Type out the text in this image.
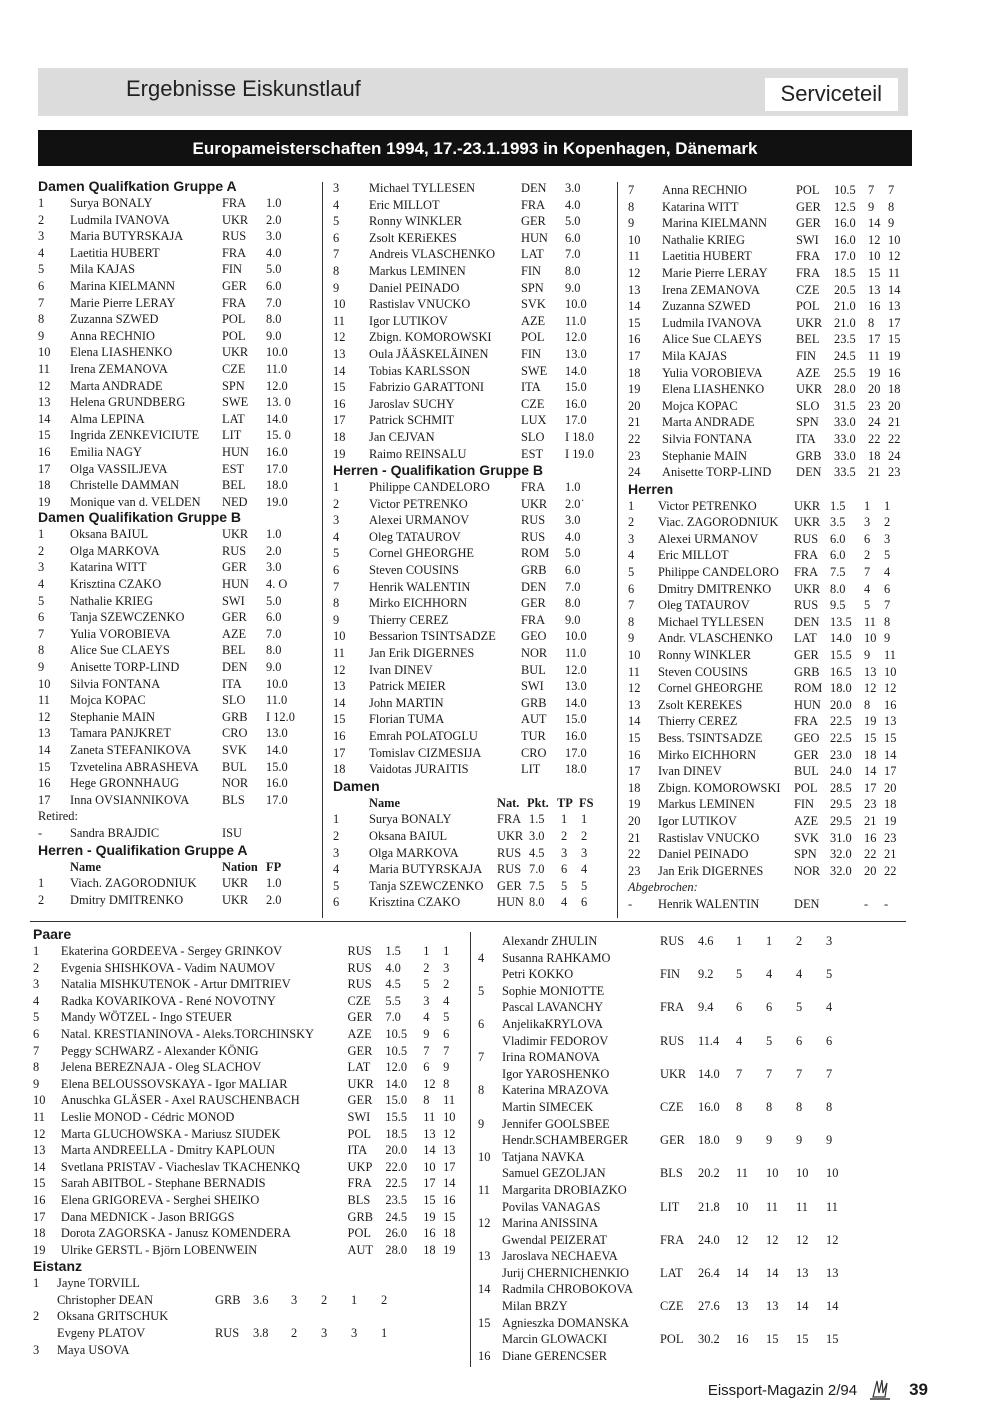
Ergebnisse Eiskunstlauf	Serviceteil
Europameisterschaften 1994, 17.-23.1.1993 in Kopenhagen, Dänemark
Damen Qualifkation Gruppe A
1	Surya BONALY	FRA	1.0
2	Ludmila IVANOVA	UKR	2.0
3	Maria BUTYRSKAJA	RUS	3.0
4	Laetitia HUBERT	FRA	4.0
5	Mila KAJAS	FIN	5.0
6	Marina KIELMANN	GER	6.0
7	Marie Pierre LERAY	FRA	7.0
8	Zuzanna SZWED	POL	8.0
9	Anna RECHNIO	POL	9.0
10	Elena LIASHENKO	UKR	10.0
11	Irena ZEMANOVA	CZE	11.0
12	Marta ANDRADE	SPN	12.0
13	Helena GRUNDBERG	SWE	13. 0
14	Alma LEPINA	LAT	14.0
15	Ingrida ZENKEVICIUTE	LIT	15. 0
16	Emilia NAGY	HUN	16.0
17	Olga VASSILJEVA	EST	17.0
18	Christelle DAMMAN	BEL	18.0
19	Monique van d. VELDEN	NED	19.0
Damen Qualifikation Gruppe B
1	Oksana BAIUL	UKR	1.0
2	Olga MARKOVA	RUS	2.0
3	Katarina WITT	GER	3.0
4	Krisztina CZAKO	HUN	4. O
5	Nathalie KRIEG	SWI	5.0
6	Tanja SZEWCZENKO	GER	6.0
7	Yulia VOROBIEVA	AZE	7.0
8	Alice Sue CLAEYS	BEL	8.0
9	Anisette TORP-LIND	DEN	9.0
10	Silvia FONTANA	ITA	10.0
11	Mojca KOPAC	SLO	11.0
12	Stephanie MAIN	GRB	I 12.0
13	Tamara PANJKRET	CRO	13.0
14	Zaneta STEFANIKOVA	SVK	14.0
15	Tzvetelina ABRASHEVA	BUL	15.0
16	Hege GRONNHAUG	NOR	16.0
17	Inna OVSIANNIKOVA	BLS	17.0
Retired:
-	Sandra BRAJDIC	ISU
Herren - Qualifikation Gruppe A
Name	Nation FP
1	Viach. ZAGORODNIUK	UKR	1.0
2	Dmitry DMITRENKO	UKR	2.0
3	Michael TYLLESEN	DEN	3.0
4	Eric MILLOT	FRA	4.0
5	Ronny WINKLER	GER	5.0
6	Zsolt KERiEKES	HUN	6.0
7	Andreis VLASCHENKO	LAT	7.0
8	Markus LEMINEN	FIN	8.0
9	Daniel PEINADO	SPN	9.0
10	Rastislav VNUCKO	SVK	10.0
11	Igor LUTIKOV	AZE	11.0
12	Zbign. KOMOROWSKI	POL	12.0
13	Oula JÄÄSKELÄINEN	FIN	13.0
14	Tobias KARLSSON	SWE	14.0
15	Fabrizio GARATTONI	ITA	15.0
16	Jaroslav SUCHY	CZE	16.0
17	Patrick SCHMIT	LUX	17.0
18	Jan CEJVAN	SLO	I 18.0
19	Raimo REINSALU	EST	I 19.0
Herren - Qualifikation Gruppe B
1	Philippe CANDELORO	FRA	1.0
2	Victor PETRENKO	UKR	2.0˙
3	Alexei URMANOV	RUS	3.0
4	Oleg TATAUROV	RUS	4.0
5	Cornel GHEORGHE	ROM	5.0
6	Steven COUSINS	GRB	6.0
7	Henrik WALENTIN	DEN	7.0
8	Mirko EICHHORN	GER	8.0
9	Thierry CEREZ	FRA	9.0
10	Bessarion TSINTSADZE	GEO	10.0
11	Jan Erik DIGERNES	NOR	11.0
12	Ivan DINEV	BUL	12.0
13	Patrick MEIER	SWI	13.0
14	John MARTIN	GRB	14.0
15	Florian TUMA	AUT	15.0
16	Emrah POLATOGLU	TUR	16.0
17	Tomislav CIZMESIJA	CRO	17.0
18	Vaidotas JURAITIS	LIT	18.0
Damen
Name	Nat. Pkt. TP FS
1	Surya BONALY	FRA 1.5	1	1
2	Oksana BAIUL	UKR 3.0	2	2
3	Olga MARKOVA	RUS 4.5	3	3
4	Maria BUTYRSKAJA	RUS 7.0	6	4
5	Tanja SZEWCZENKO	GER 7.5	5	5
6	Krisztina CZAKO	HUN 8.0	4	6
7	Anna RECHNIO	POL	10.5 7	7
8	Katarina WITT	GER	12.5 9	8
9	Marina KIELMANN	GER	16.0 14 9
10	Nathalie KRIEG	SWI	16.0 12 10
11	Laetitia HUBERT	FRA	17.0 10 12
12	Marie Pierre LERAY	FRA	18.5 15 11
13	Irena ZEMANOVA	CZE	20.5 13 14
14	Zuzanna SZWED	POL	21.0 16 13
15	Ludmila IVANOVA	UKR 21.0 8	17
16	Alice Sue CLAEYS	BEL	23.5 17 15
17	Mila KAJAS	FIN	24.5 11 19
18	Yulia VOROBIEVA	AZE	25.5 19 16
19	Elena LIASHENKO	UKR 28.0 20 18
20	Mojca KOPAC	SLO	31.5 23 20
21	Marta ANDRADE	SPN	33.0 24 21
22	Silvia FONTANA	ITA	33.0 22 22
23	Stephanie MAIN	GRB	33.0 18 24
24	Anisette TORP-LIND	DEN	33.5 21 23
Herren
1	Victor PETRENKO	UKR 1.5	1	1
2	Viac. ZAGORODNIUK	UKR 3.5	3	2
3	Alexei URMANOV	RUS 6.0	6	3
4	Eric MILLOT	FRA 6.0	2	5
5	Philippe CANDELORO	FRA 7.5	7	4
6	Dmitry DMITRENKO	UKR 8.0	4	6
7	Oleg TATAUROV	RUS 9.5	5	7
8	Michael TYLLESEN	DEN 13.5 11 8
9	Andr. VLASCHENKO	LAT	14.0 10 9
10	Ronny WINKLER	GER 15.5 9	11
11	Steven COUSINS	GRB 16.5 13 10
12	Cornel GHEORGHE	ROM 18.0 12 12
13	Zsolt KEREKES	HUN 20.0 8	16
14	Thierry CEREZ	FRA 22.5 19 13
15	Bess. TSINTSADZE	GEO 22.5 15 15
16	Mirko EICHHORN	GER 23.0 18 14
17	Ivan DINEV	BUL 24.0 14 17
18	Zbign. KOMOROWSKI	POL	28.5 17 20
19	Markus LEMINEN	FIN	29.5 23 18
20	Igor LUTIKOV	AZE 29.5 21 19
21	Rastislav VNUCKO	SVK 31.0 16 23
22	Daniel PEINADO	SPN	32.0 22 21
23	Jan Erik DIGERNES	NOR 32.0 20 22
Abgebrochen:
-	Henrik WALENTIN	DEN	-	-
Paare
1	Ekaterina GORDEEVA - Sergey GRINKOV	RUS	1.5	1	1
2	Evgenia SHISHKOVA - Vadim NAUMOV	RUS	4.0	2	3
3	Natalia MISHKUTENOK - Artur DMITRIEV	RUS	4.5	5	2
4	Radka KOVARIKOVA - René NOVOTNY	CZE	5.5	3	4
5	Mandy WÖTZEL - Ingo STEUER	GER	7.0	4	5
6	Natal. KRESTIANINOVA - Aleks.TORCHINSKY	AZE	10.5	9	6
7	Peggy SCHWARZ - Alexander KÖNIG	GER	10.5	7	7
8	Jelena BEREZNAJA - Oleg SLACHOV	LAT	12.0	6	9
9	Elena BELOUSSOVSKAYA - Igor MALIAR	UKR 14.0	12 8
10	Anuschka GLÄSER - Axel RAUSCHENBACH	GER	15.0	8	11
11	Leslie MONOD - Cédric MONOD	SWI	15.5	11 10
12	Marta GLUCHOWSKA - Mariusz SIUDEK	POL	18.5	13 12
13	Marta ANDREELLA - Dmitry KAPLOUN	ITA	20.0	14 13
14	Svetlana PRISTAV - Viacheslav TKACHENKQ	UKP	22.0	10 17
15	Sarah ABITBOL - Stephane BERNADIS	FRA	22.5	17 14
16	Elena GRIGOREVA - Serghei SHEIKO	BLS	23.5	15 16
17	Dana MEDNICK - Jason BRIGGS	GRB 24.5	19 15
18	Dorota ZAGORSKA - Janusz KOMENDERA	POL	26.0	16 18
19	Ulrike GERSTL - Björn LOBENWEIN	AUT 28.0	18 19
Eistanz
1	Jayne TORVILL
Christopher DEAN	GRB	3.6	3	2	1	2
2	Oksana GRITSCHUK
Evgeny PLATOV	RUS	3.8	2	3	3	1
3	Maya USOVA
Alexandr ZHULIN	RUS	4.6	1	1	2	3
4	Susanna RAHKAMO
Petri KOKKO	FIN	9.2	5	4	4	5
5	Sophie MONIOTTE
Pascal LAVANCHY	FRA	9.4	6	6	5	4
6	AnjelikaKRYLOVA
Vladimir FEDOROV	RUS	11.4	4	5	6	6
7	Irina ROMANOVA
Igor YAROSHENKO	UKR 14.0	7	7	7	7
8	Katerina MRAZOVA
Martin SIMECEK	CZE	16.0	8	8	8	8
9	Jennifer GOOLSBEE
Hendr.SCHAMBERGER	GER	18.0	9	9	9	9
10 Tatjana NAVKA
Samuel GEZOLJAN	BLS	20.2	11	10	10	10
11 Margarita DROBIAZKO
Povilas VANAGAS	LIT	21.8	10	11	11	11
12 Marina ANISSINA
Gwendal PEIZERAT	FRA	24.0	12	12	12	12
13 Jaroslava NECHAEVA
Jurij CHERNICHENKIO	LAT	26.4	14	14	13	13
14 Radmila CHROBOKOVA
Milan BRZY	CZE	27.6	13	13	14	14
15 Agnieszka DOMANSKA
Marcin GLOWACKI	POL	30.2	16	15	15	15
16 Diane GERENCSER
Eissport-Magazin 2/94	39
